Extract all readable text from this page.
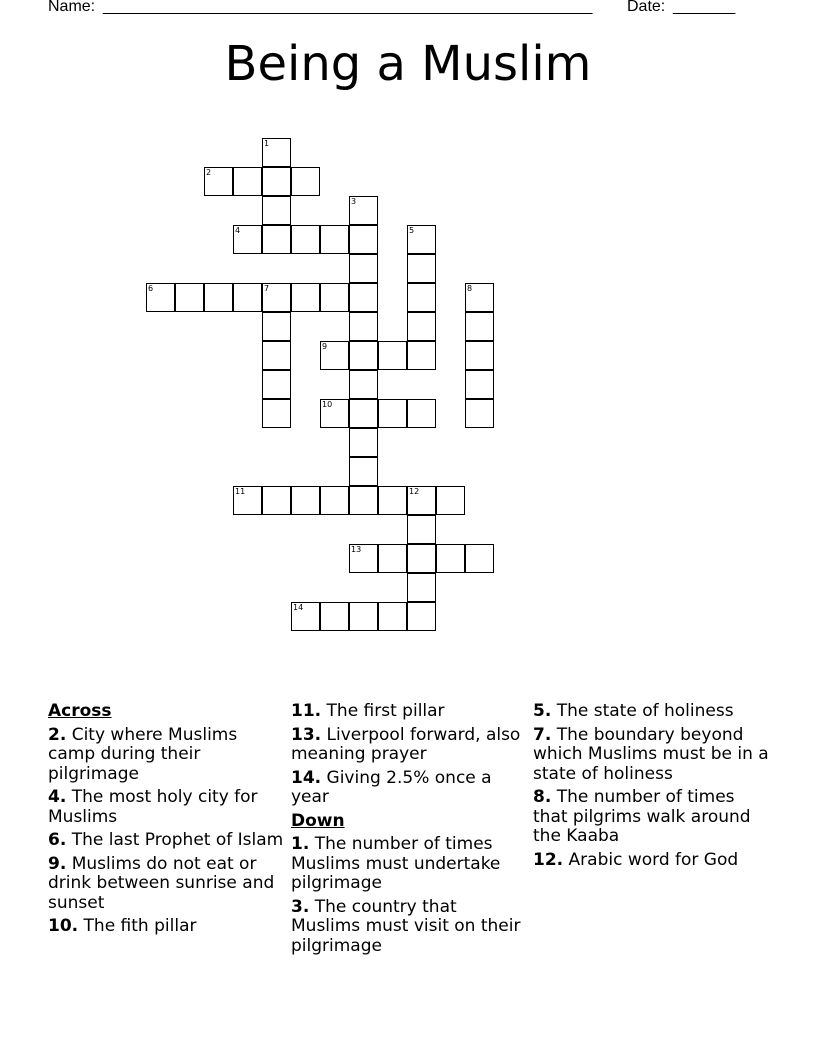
Name:

_______________________________________________________

Date:

_______

Being a Muslim
1
2
3
4	5
6	7	8
9
10
11	12
13
14
Across
2. City where Muslims camp during their pilgrimage
4. The most holy city for Muslims
6. The last Prophet of Islam
9. Muslims do not eat or drink between sunrise and sunset
10. The fith pillar
11. The first pillar
13. Liverpool forward, also meaning prayer
14. Giving 2.5% once a year
Down
1. The number of times Muslims must undertake pilgrimage
3. The country that Muslims must visit on their pilgrimage
5. The state of holiness
7. The boundary beyond which Muslims must be in a state of holiness
8. The number of times that pilgrims walk around the Kaaba
12. Arabic word for God
